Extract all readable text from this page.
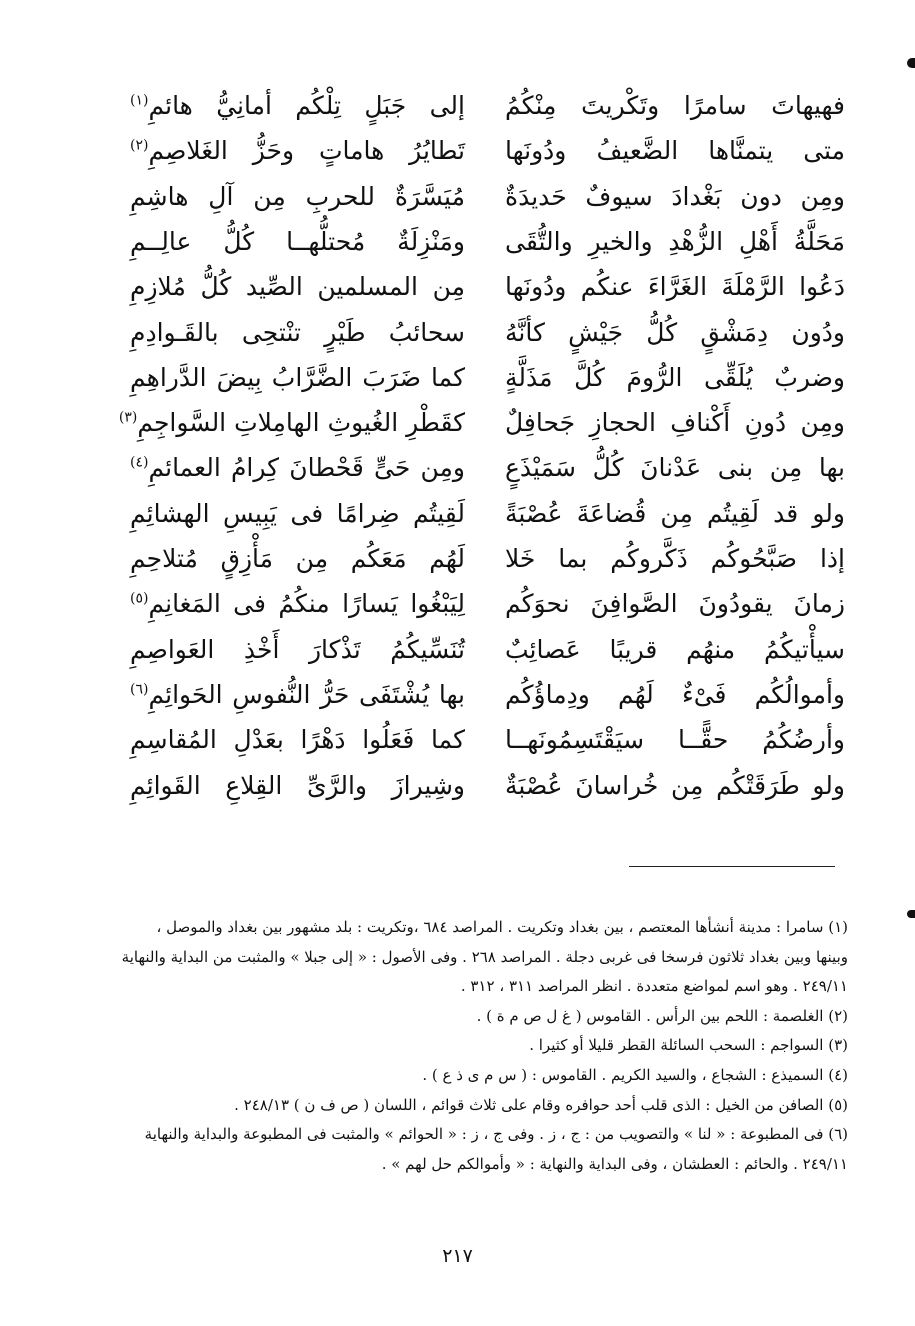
فهيهاتَ سامرًا وتَكْريتَ مِنْكُمُ
إلى جَبَلٍ تِلْكُم أمانِيُّ هائمِ$^{(١)}$
متى يتمنَّاها الضَّعيفُ ودُونَها
تَطايُرُ هاماتٍ وحَزُّ الغَلاصِمِ$^{(٢)}$
ومِن دون بَغْدادَ سيوفٌ حَديدَةٌ
مُيَسَّرَةٌ للحربِ مِن آلِ هاشِمِ
مَحَلَّةُ أَهْلِ الزُّهْدِ والخيرِ والتُّقَى
ومَنْزِلَةٌ مُحتلُّهــا كُلُّ عالِــمِ
دَعُوا الرَّمْلَةَ الغَرَّاءَ عنكُم ودُونَها
مِن المسلمين الصِّيد كُلُّ مُلازِمِ
ودُون دِمَشْقٍ كُلُّ جَيْشٍ كأنَّهُ
سحائبُ طَيْرٍ تنْتحِى بالقَـوادِمِ
وضربٌ يُلَقِّى الرُّومَ كُلَّ مَذَلَّةٍ
كما ضَرَبَ الضَّرَّابُ بِيضَ الدَّراهِمِ
ومِن دُونِ أَكْنافِ الحجازِ جَحافِلٌ
كقَطْرِ الغُيوثِ الهامِلاتِ السَّواجِمِ$^{(٣)}$
بها مِن بنى عَدْنانَ كُلُّ سَمَيْذَعٍ
ومِن حَىٍّ قَحْطانَ كِرامُ العمائمِ$^{(٤)}$
ولو قد لَقِيتُم مِن قُضاعَةَ عُصْبَةً
لَقِيتُم ضِرامًا فى يَبِيسِ الهشائِمِ
إذا صَبَّحُوكُم ذَكَّروكُم بما خَلا
لَهُم مَعَكُم مِن مَأْزِقٍ مُتلاحِمِ
زمانَ يقودُونَ الصَّوافِنَ نحوَكُم
لِيَبْغُوا يَسارًا منكُمُ فى المَغانِمِ$^{(٥)}$
سيأْتيكُمُ منهُم قريبًا عَصائِبٌ
تُنَسِّيكُمُ تَذْكارَ أَخْذِ العَواصِمِ
وأموالُكُم فَىْءٌ لَهُم ودِماؤُكُم
بها يُشْتَفَى حَرُّ النُّفوسِ الحَوائِمِ$^{(٦)}$
وأرضُكُمُ حقًّــا سيَقْتَسِمُونَهــا
كما فَعَلُوا دَهْرًا بعَدْلِ المُقاسِمِ
ولو طَرَقَتْكُم مِن خُراسانَ عُصْبَةٌ
وشِيرازَ والرَّىِّ القِلاعِ القَوائِمِ
(١) سامرا : مدينة أنشأها المعتصم ، بين بغداد وتكريت . المراصد ٦٨٤ ،وتكريت : بلد مشهور بين بغداد والموصل ،
وبينها وبين بغداد ثلاثون فرسخا فى غربى دجلة . المراصد ٢٦٨ . وفى الأصول : « إلى جبلا » والمثبت من البداية والنهاية
٢٤٩/١١ . وهو اسم لمواضع متعددة . انظر المراصد ٣١١ ، ٣١٢ .
(٢) الغلصمة : اللحم بين الرأس . القاموس ( غ ل ص م ة ) .
(٣) السواجم : السحب السائلة القطر قليلا أو كثيرا .
(٤) السميذع : الشجاع ، والسيد الكريم . القاموس : ( س م ى ذ ع ) .
(٥) الصافن من الخيل : الذى قلب أحد حوافره وقام على ثلاث قوائم ، اللسان ( ص ف ن ) ٢٤٨/١٣ .
(٦) فى المطبوعة : « لنا » والتصويب من : ج ، ز . وفى ج ، ز : « الحوائم » والمثبت فى المطبوعة والبداية والنهاية
٢٤٩/١١ . والحائم : العطشان ، وفى البداية والنهاية : « وأموالكم حل لهم » .
٢١٧
